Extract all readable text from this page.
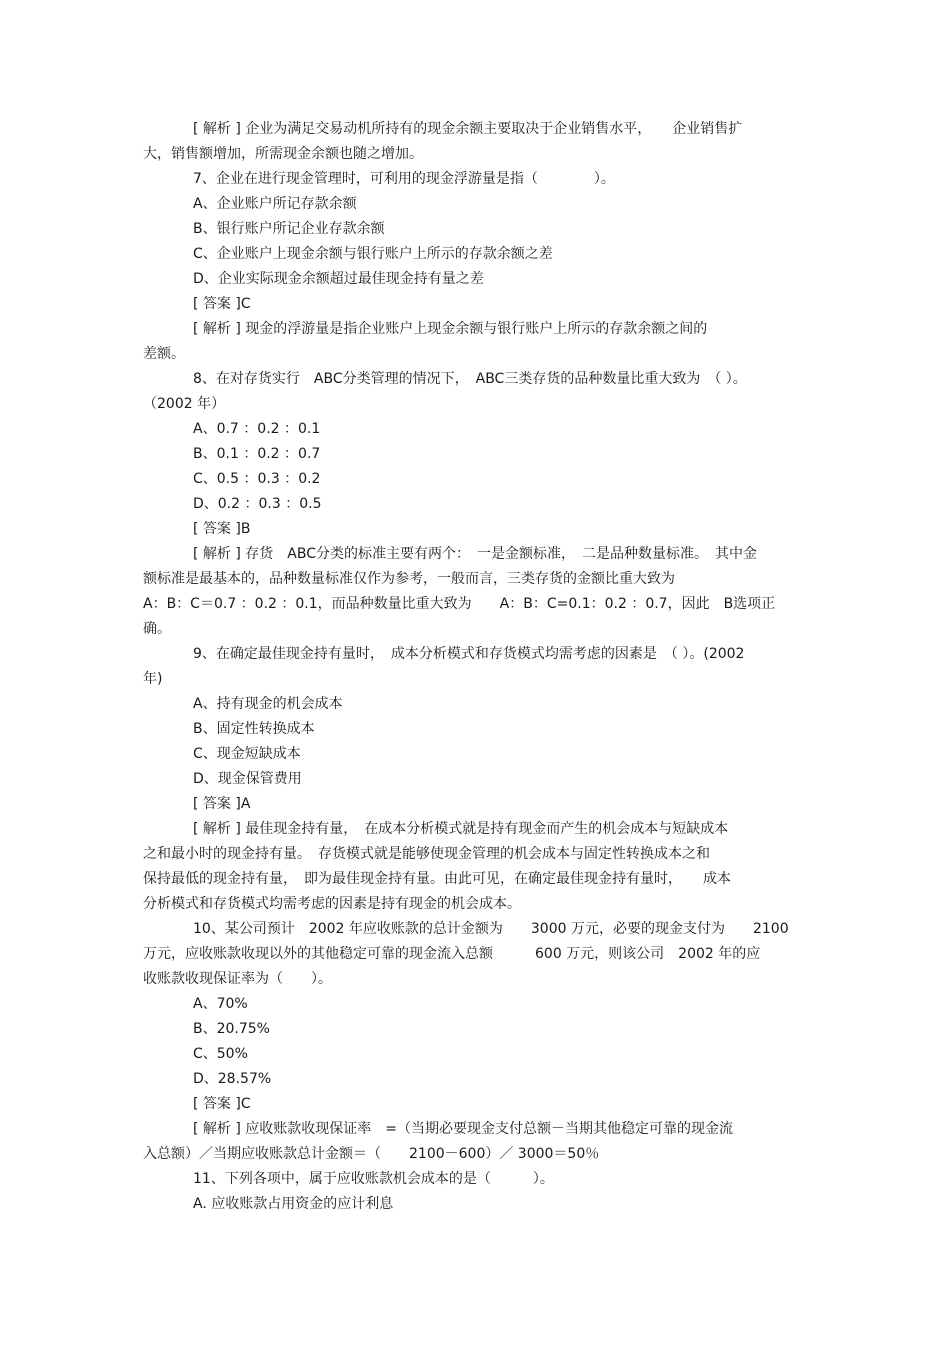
[ 解析 ] 企业为满足交易动机所持有的现金余额主要取决于企业销售水平，　　企业销售扩
大，销售额增加，所需现金余额也随之增加。
7、企业在进行现金管理时，可利用的现金浮游量是指（　　　　）。
A、企业账户所记存款余额
B、银行账户所记企业存款余额
C、企业账户上现金余额与银行账户上所示的存款余额之差
D、企业实际现金余额超过最佳现金持有量之差
[ 答案 ]C
[ 解析 ] 现金的浮游量是指企业账户上现金余额与银行账户上所示的存款余额之间的
差额。
8、在对存货实行　ABC分类管理的情况下，　ABC三类存货的品种数量比重大致为　（ ）。
（2002 年）
A、0.7 ：0.2 ：0.1
B、0.1 ：0.2 ：0.7
C、0.5 ：0.3 ：0.2
D、0.2 ：0.3 ：0.5
[ 答案 ]B
[ 解析 ] 存货　ABC分类的标准主要有两个：　一是金额标准，　二是品种数量标准。　其中金
额标准是最基本的，品种数量标准仅作为参考，一般而言，三类存货的金额比重大致为
A：B：C＝0.7 ：0.2 ：0.1，而品种数量比重大致为　　A：B：C=0.1：0.2 ：0.7，因此　B选项正
确。
9、在确定最佳现金持有量时，　成本分析模式和存货模式均需考虑的因素是　（ ）。(2002
年)
A、持有现金的机会成本
B、固定性转换成本
C、现金短缺成本
D、现金保管费用
[ 答案 ]A
[ 解析 ] 最佳现金持有量，　在成本分析模式就是持有现金而产生的机会成本与短缺成本
之和最小时的现金持有量。　存货模式就是能够使现金管理的机会成本与固定性转换成本之和
保持最低的现金持有量，　即为最佳现金持有量。由此可见，在确定最佳现金持有量时，　　成本
分析模式和存货模式均需考虑的因素是持有现金的机会成本。
10、某公司预计　2002 年应收账款的总计金额为　　3000 万元，必要的现金支付为　　2100
万元，应收账款收现以外的其他稳定可靠的现金流入总额　　　600 万元，则该公司　2002 年的应
收账款收现保证率为（　　）。
A、70%
B、20.75%
C、50%
D、28.57%
[ 答案 ]C
[ 解析 ] 应收账款收现保证率　=（当期必要现金支付总额－当期其他稳定可靠的现金流
入总额）／当期应收账款总计金额＝（　　2100－600）／ 3000＝50％
11、下列各项中，属于应收账款机会成本的是（　　　）。
A. 应收账款占用资金的应计利息
